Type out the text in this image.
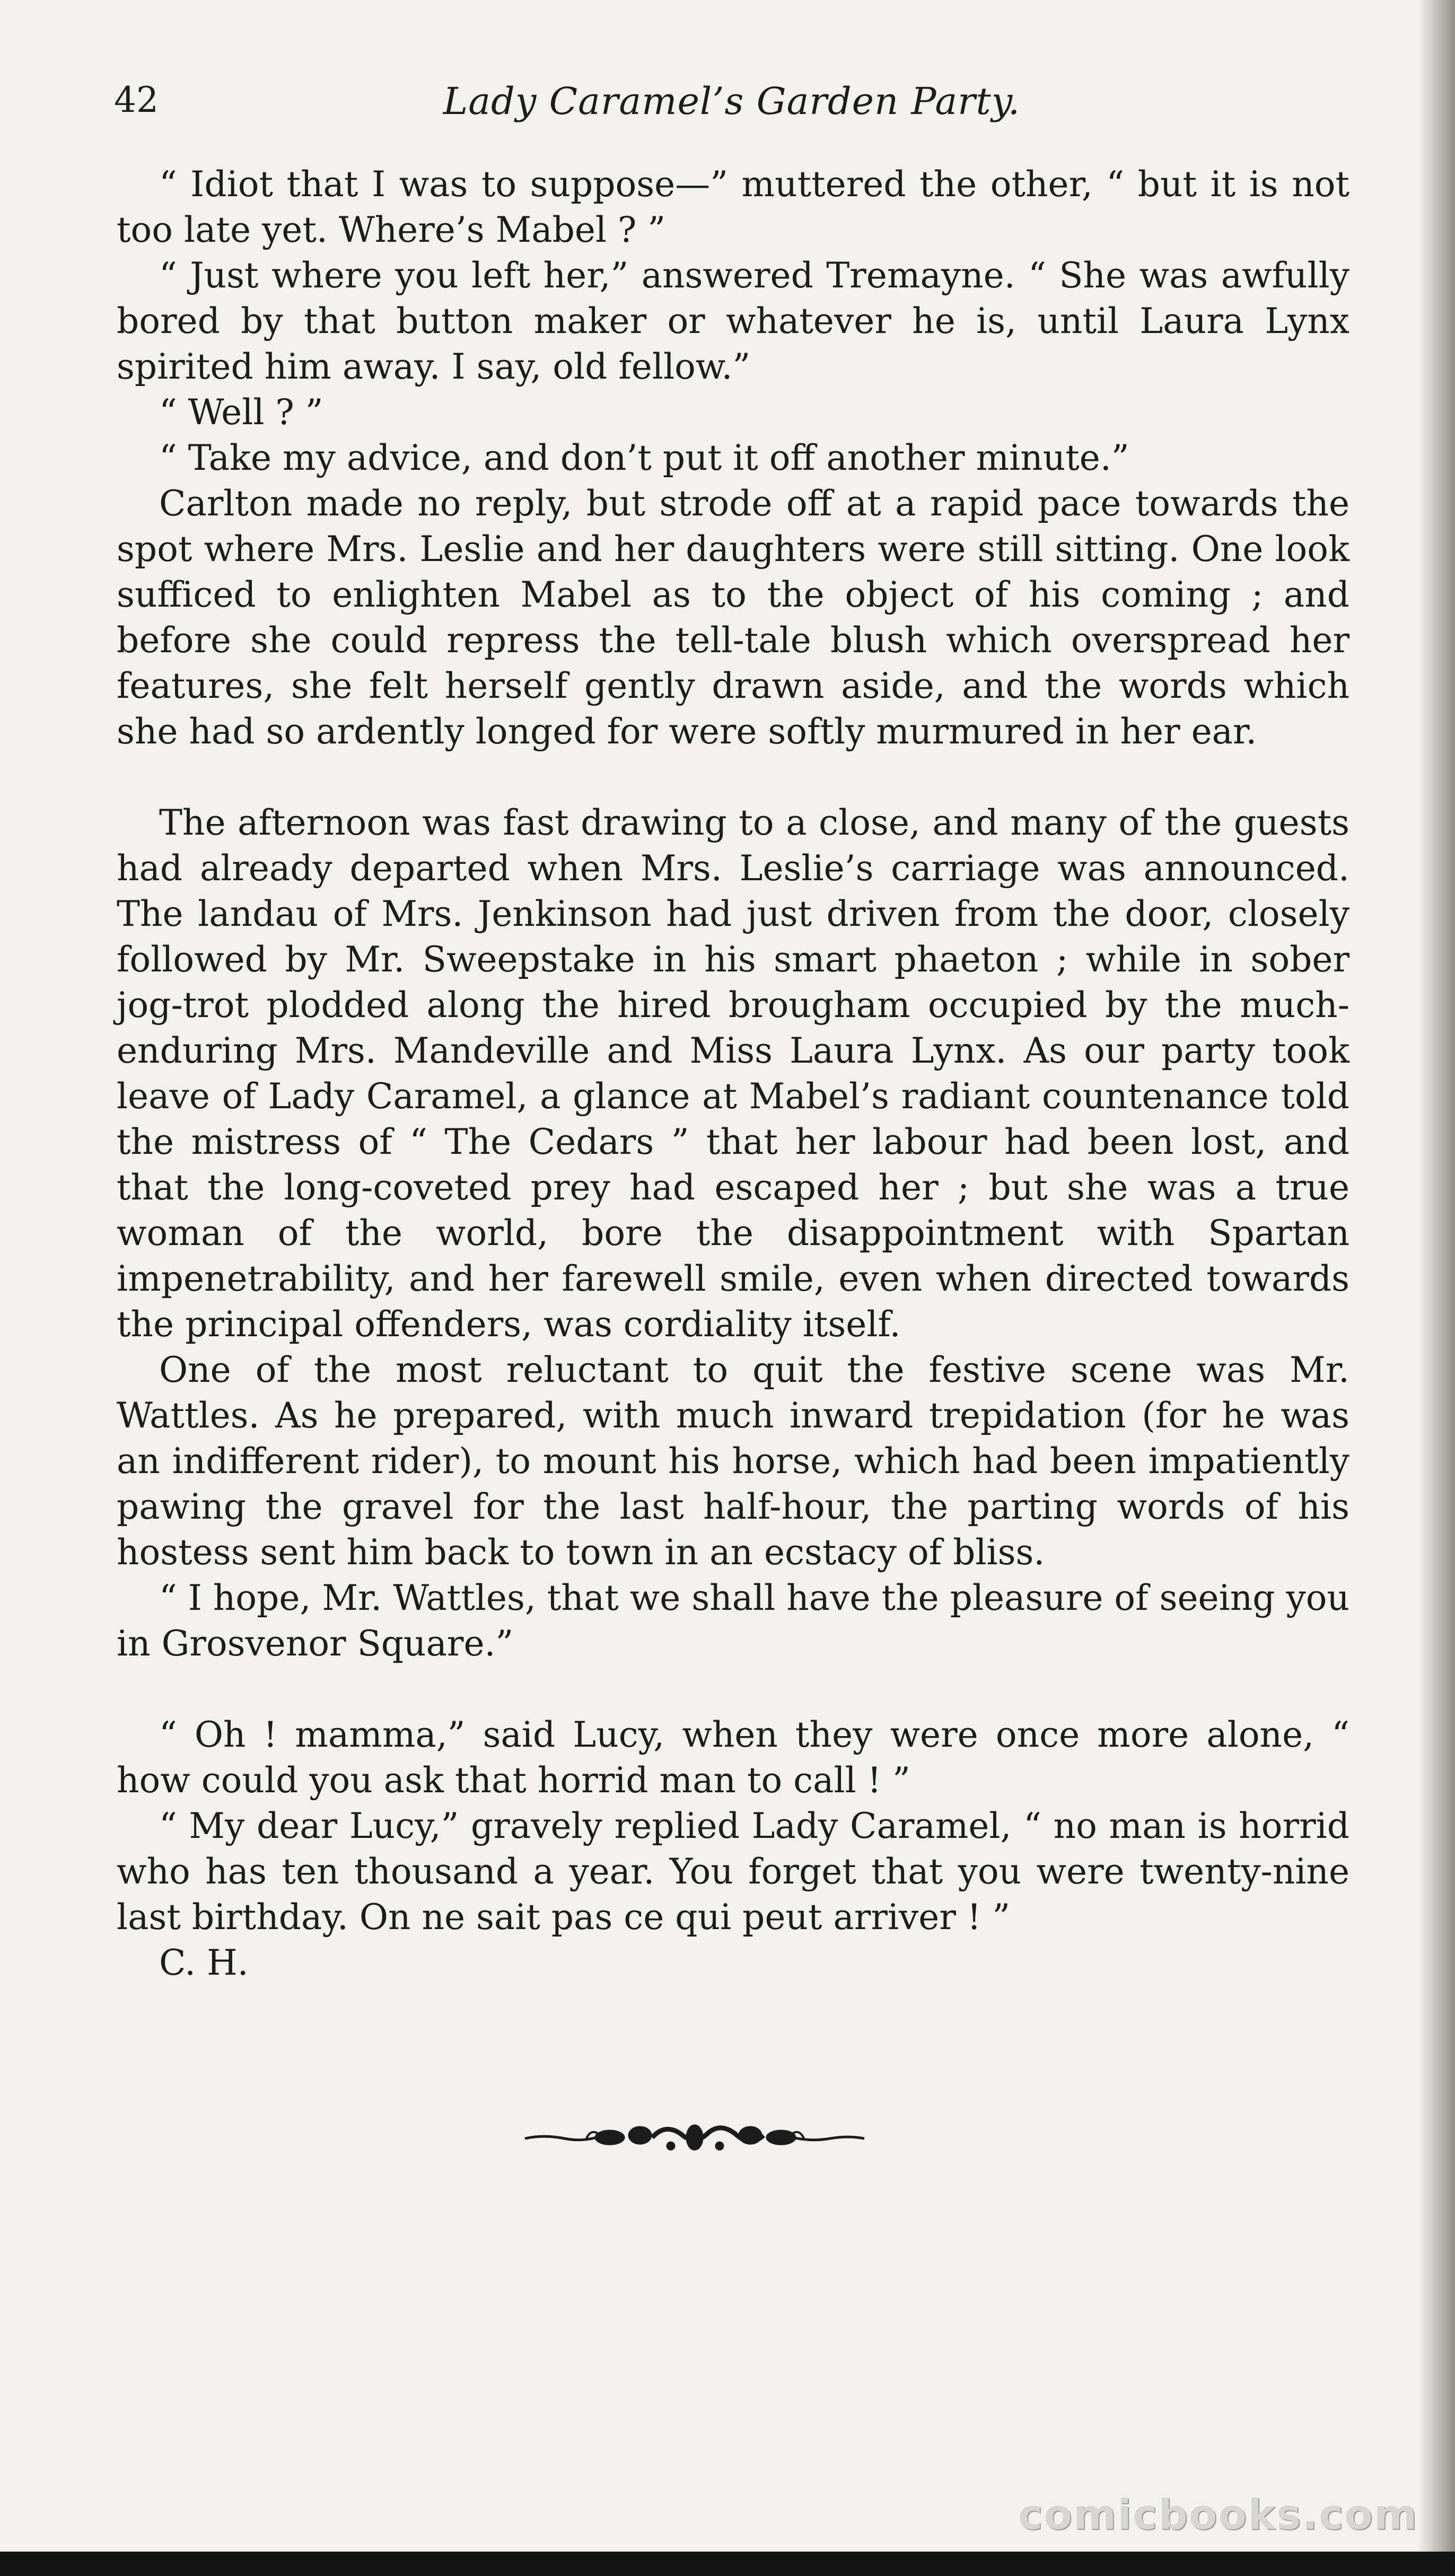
42	Lady Caramel’s Garden Party.

“ Idiot that I was to suppose—” muttered the other, “ but it is not too late yet. Where’s Mabel ? ”

“ Just where you left her,” answered Tremayne. “ She was awfully bored by that button maker or whatever he is, until Laura Lynx spirited him away. I say, old fellow.”

“ Well ? ”

“ Take my advice, and don’t put it off another minute.”

Carlton made no reply, but strode off at a rapid pace towards the spot where Mrs. Leslie and her daughters were still sitting. One look sufficed to enlighten Mabel as to the object of his coming ; and before she could repress the tell-tale blush which overspread her features, she felt herself gently drawn aside, and the words which she had so ardently longed for were softly murmured in her ear.

The afternoon was fast drawing to a close, and many of the guests had already departed when Mrs. Leslie’s carriage was announced. The landau of Mrs. Jenkinson had just driven from the door, closely followed by Mr. Sweepstake in his smart phaeton ; while in sober jog-trot plodded along the hired brougham occupied by the much-enduring Mrs. Mandeville and Miss Laura Lynx. As our party took leave of Lady Caramel, a glance at Mabel’s radiant countenance told the mistress of “ The Cedars ” that her labour had been lost, and that the long-coveted prey had escaped her ; but she was a true woman of the world, bore the disappointment with Spartan impenetrability, and her farewell smile, even when directed towards the principal offenders, was cordiality itself.

One of the most reluctant to quit the festive scene was Mr. Wattles. As he prepared, with much inward trepidation (for he was an indifferent rider), to mount his horse, which had been impatiently pawing the gravel for the last half-hour, the parting words of his hostess sent him back to town in an ecstacy of bliss.

“ I hope, Mr. Wattles, that we shall have the pleasure of seeing you in Grosvenor Square.”

“ Oh ! mamma,” said Lucy, when they were once more alone, “ how could you ask that horrid man to call ! ”

“ My dear Lucy,” gravely replied Lady Caramel, “ no man is horrid who has ten thousand a year. You forget that you were twenty-nine last birthday. On ne sait pas ce qui peut arriver ! ”

C. H.

comicbooks.com
